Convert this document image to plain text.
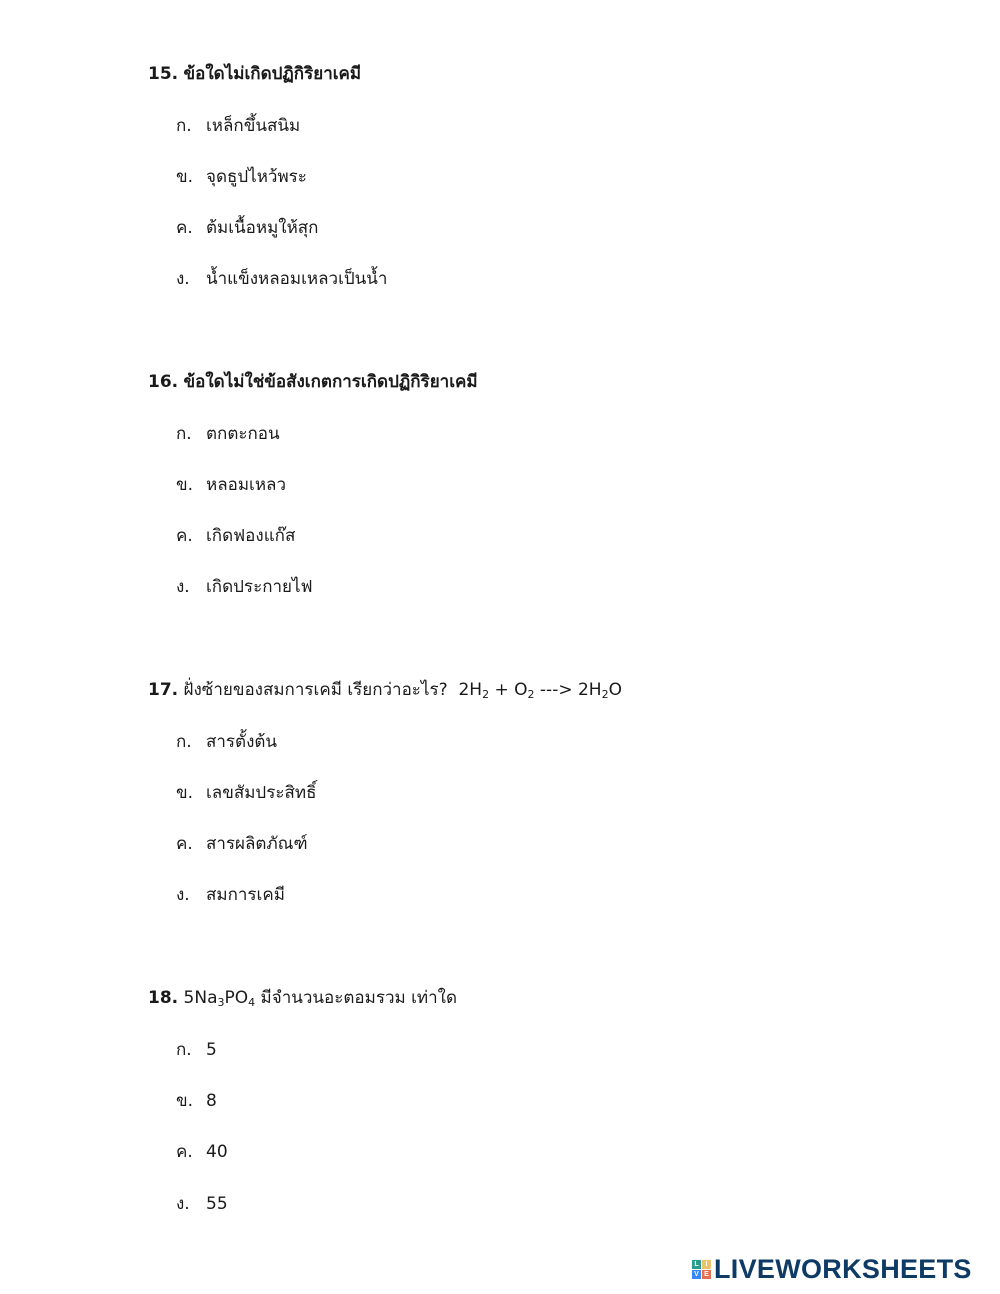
15. ข้อใดไม่เกิดปฏิกิริยาเคมี
ก. เหล็กขึ้นสนิม
ข. จุดธูปไหว้พระ
ค. ต้มเนื้อหมูให้สุก
ง. น้ำแข็งหลอมเหลวเป็นน้ำ
16. ข้อใดไม่ใช่ข้อสังเกตการเกิดปฏิกิริยาเคมี
ก. ตกตะกอน
ข. หลอมเหลว
ค. เกิดฟองแก๊ส
ง. เกิดประกายไฟ
17. ฝั่งซ้ายของสมการเคมี เรียกว่าอะไร? $2H_2 + O_2$ ---> $2H_2O$
ก. สารตั้งต้น
ข. เลขสัมประสิทธิ์
ค. สารผลิตภัณฑ์
ง. สมการเคมี
18. $5Na_3PO_4$ มีจำนวนอะตอมรวม เท่าใด
ก. 5
ข. 8
ค. 40
ง. 55
L I
V E LIVEWORKSHEETS
